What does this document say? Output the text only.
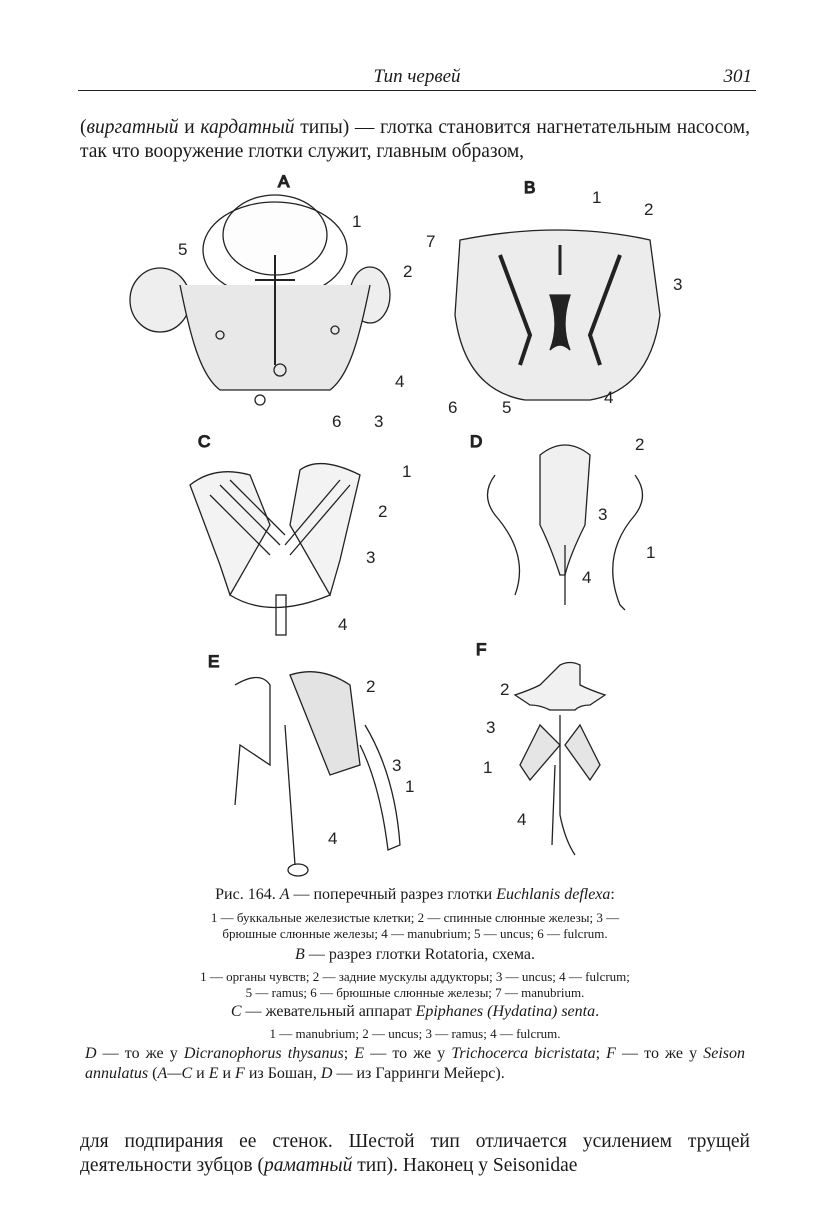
Тип червей	301
(виргатный и кардатный типы) — глотка становится нагнетательным насосом, так что вооружение глотки служит, главным образом,
A
1
2
3
4
5
6
B
1
2
3
4
5
6
7
C
1
2
3
4
D
1
2
3
4
E
1
2
3
4
F
1
2
3
4
Рис. 164. A — поперечный разрез глотки Euchlanis deflexa:
1 — буккальные железистые клетки; 2 — спинные слюнные железы; 3 —
брюшные слюнные железы; 4 — manubrium; 5 — uncus; 6 — fulcrum.
B — разрез глотки Rotatoria, схема.
1 — органы чувств; 2 — задние мускулы аддукторы; 3 — uncus; 4 — fulcrum;
5 — ramus; 6 — брюшные слюнные железы; 7 — manubrium.
C — жевательный аппарат Epiphanes (Hydatina) senta.
1 — manubrium; 2 — uncus; 3 — ramus; 4 — fulcrum.
D — то же у Dicranophorus thysanus; E — то же у Trichocerca bicristata; F — то же у Seison annulatus (A—C и E и F из Бошан, D — из Гарринги Мейерс).
для подпирания ее стенок. Шестой тип отличается усилением трущей деятельности зубцов (раматный тип). Наконец у Seisonidae
